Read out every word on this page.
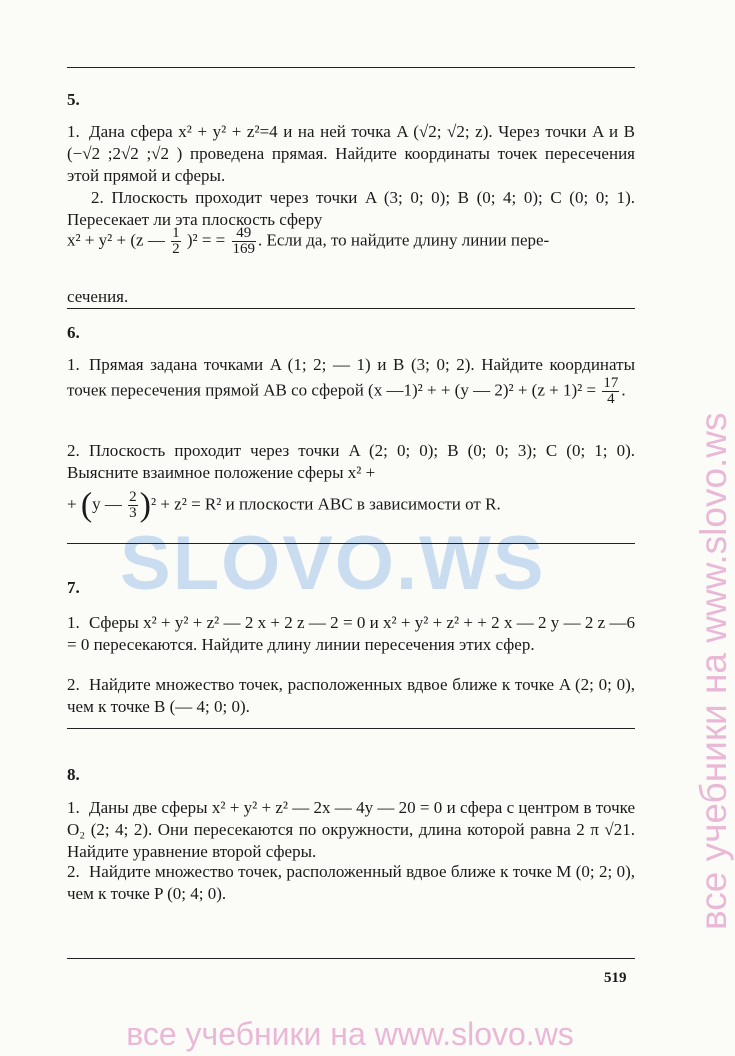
SLOVO.WS	все учебники на www.slovo.ws
5.
1. Дана сфера x² + y² + z²=4 и на ней точка A (√2; √2; z). Через точки A и B (−√2 ;2√2 ;√2 ) проведена прямая. Найдите координаты точек пересечения этой прямой и сферы.
2. Плоскость проходит через точки A (3; 0; 0); B (0; 4; 0); C (0; 0; 1). Пересекает ли эта плоскость сферу
x² + y² + (z — $\frac{1}{2} )^2$ = = $\frac{49}{169}$ . Если да, то найдите длину линии пере-
сечения.
6.
1. Прямая задана точками A (1; 2; — 1) и B (3; 0; 2). Найдите координаты точек пересечения прямой AB со сферой (x —1)² + + (y — $2)^2 + (z + 1)^2 = \frac{17}{4}$ .
2. Плоскость проходит через точки A (2; 0; 0); B (0; 0; 3); C (0; 1; 0). Выясните взаимное положение сферы x² +
+ (y — $\frac{2}{3} )^2 + z^2 = R^2$ и плоскости ABC в зависимости от R.
7.
1. Сферы x² + y² + z² — 2 x + 2 z — 2 = 0 и x² + y² + z² + + 2 x — 2 y — 2 z —6 = 0 пересекаются. Найдите длину линии пересечения этих сфер.
2. Найдите множество точек, расположенных вдвое ближе к точке A (2; 0; 0), чем к точке B (— 4; 0; 0).
8.
1. Даны две сферы x² + y² + z² — 2x — 4y — 20 = 0 и сфера с центром в точке O₂ (2; 4; 2). Они пересекаются по окружности, длина которой равна 2 π √21. Найдите уравнение второй сферы.
2. Найдите множество точек, расположенный вдвое ближе к точке M (0; 2; 0), чем к точке P (0; 4; 0).
519
все учебники на www.slovo.ws
